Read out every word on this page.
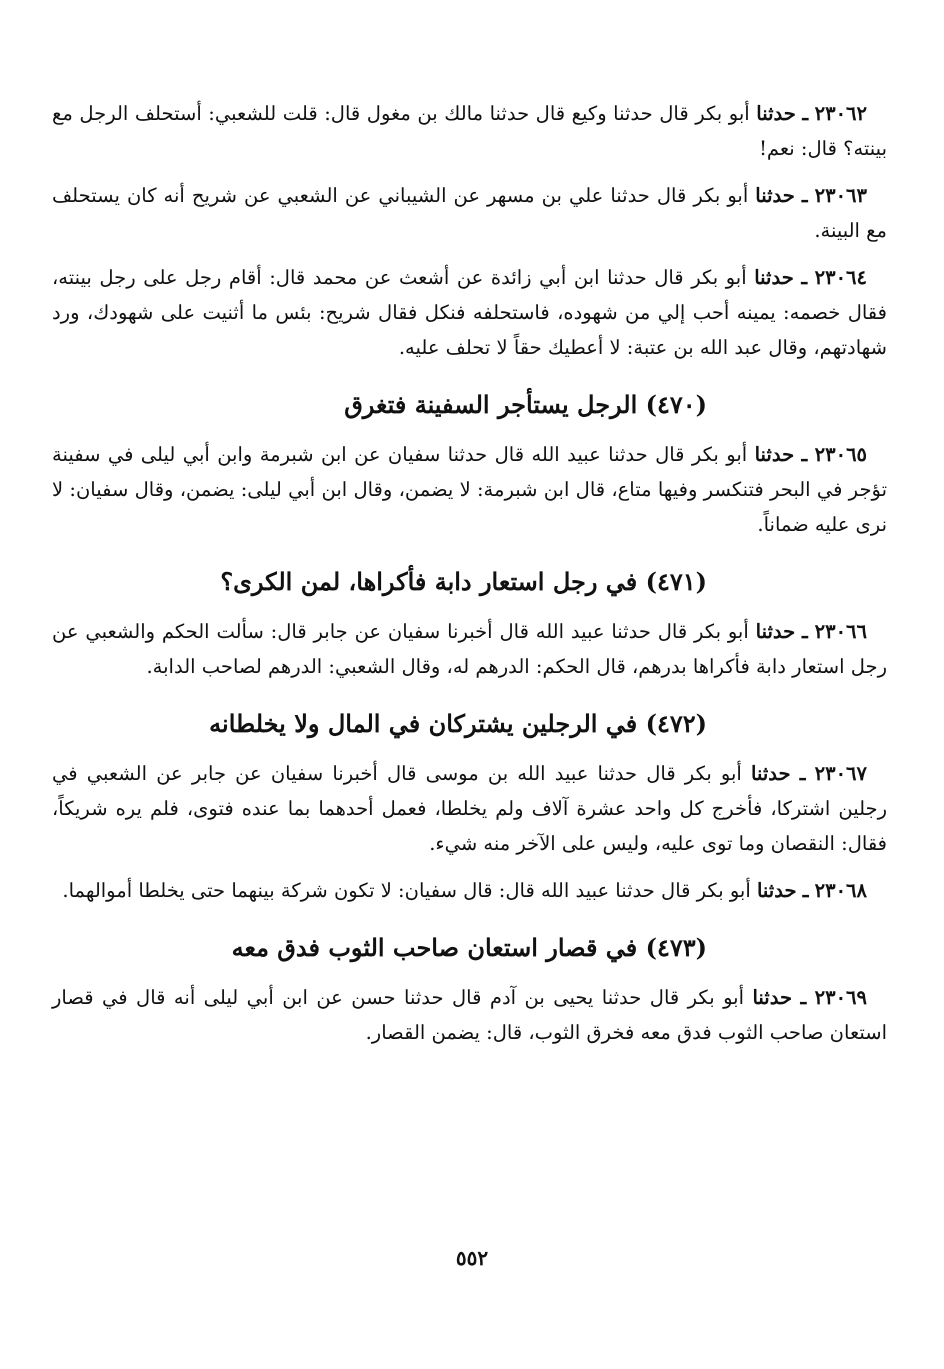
٢٣٠٦٢ ـ حدثنا أبو بكر قال حدثنا وكيع قال حدثنا مالك بن مغول قال: قلت للشعبي: أستحلف الرجل مع بينته؟ قال: نعم!

٢٣٠٦٣ ـ حدثنا أبو بكر قال حدثنا علي بن مسهر عن الشيباني عن الشعبي عن شريح أنه كان يستحلف مع البينة.

٢٣٠٦٤ ـ حدثنا أبو بكر قال حدثنا ابن أبي زائدة عن أشعث عن محمد قال: أقام رجل على رجل بينته، فقال خصمه: يمينه أحب إلي من شهوده، فاستحلفه فنكل فقال شريح: بئس ما أثنيت على شهودك، ورد شهادتهم، وقال عبد الله بن عتبة: لا أعطيك حقاً لا تحلف عليه.

(٤٧٠) الرجل يستأجر السفينة فتغرق

٢٣٠٦٥ ـ حدثنا أبو بكر قال حدثنا عبيد الله قال حدثنا سفيان عن ابن شبرمة وابن أبي ليلى في سفينة تؤجر في البحر فتنكسر وفيها متاع، قال ابن شبرمة: لا يضمن، وقال ابن أبي ليلى: يضمن، وقال سفيان: لا نرى عليه ضماناً.

(٤٧١) في رجل استعار دابة فأكراها، لمن الكرى؟

٢٣٠٦٦ ـ حدثنا أبو بكر قال حدثنا عبيد الله قال أخبرنا سفيان عن جابر قال: سألت الحكم والشعبي عن رجل استعار دابة فأكراها بدرهم، قال الحكم: الدرهم له، وقال الشعبي: الدرهم لصاحب الدابة.

(٤٧٢) في الرجلين يشتركان في المال ولا يخلطانه

٢٣٠٦٧ ـ حدثنا أبو بكر قال حدثنا عبيد الله بن موسى قال أخبرنا سفيان عن جابر عن الشعبي في رجلين اشتركا، فأخرج كل واحد عشرة آلاف ولم يخلطا، فعمل أحدهما بما عنده فتوى، فلم يره شريكاً، فقال: النقصان وما توى عليه، وليس على الآخر منه شيء.

٢٣٠٦٨ ـ حدثنا أبو بكر قال حدثنا عبيد الله قال: قال سفيان: لا تكون شركة بينهما حتى يخلطا أموالهما.

(٤٧٣) في قصار استعان صاحب الثوب فدق معه

٢٣٠٦٩ ـ حدثنا أبو بكر قال حدثنا يحيى بن آدم قال حدثنا حسن عن ابن أبي ليلى أنه قال في قصار استعان صاحب الثوب فدق معه فخرق الثوب، قال: يضمن القصار.

٥٥٢
